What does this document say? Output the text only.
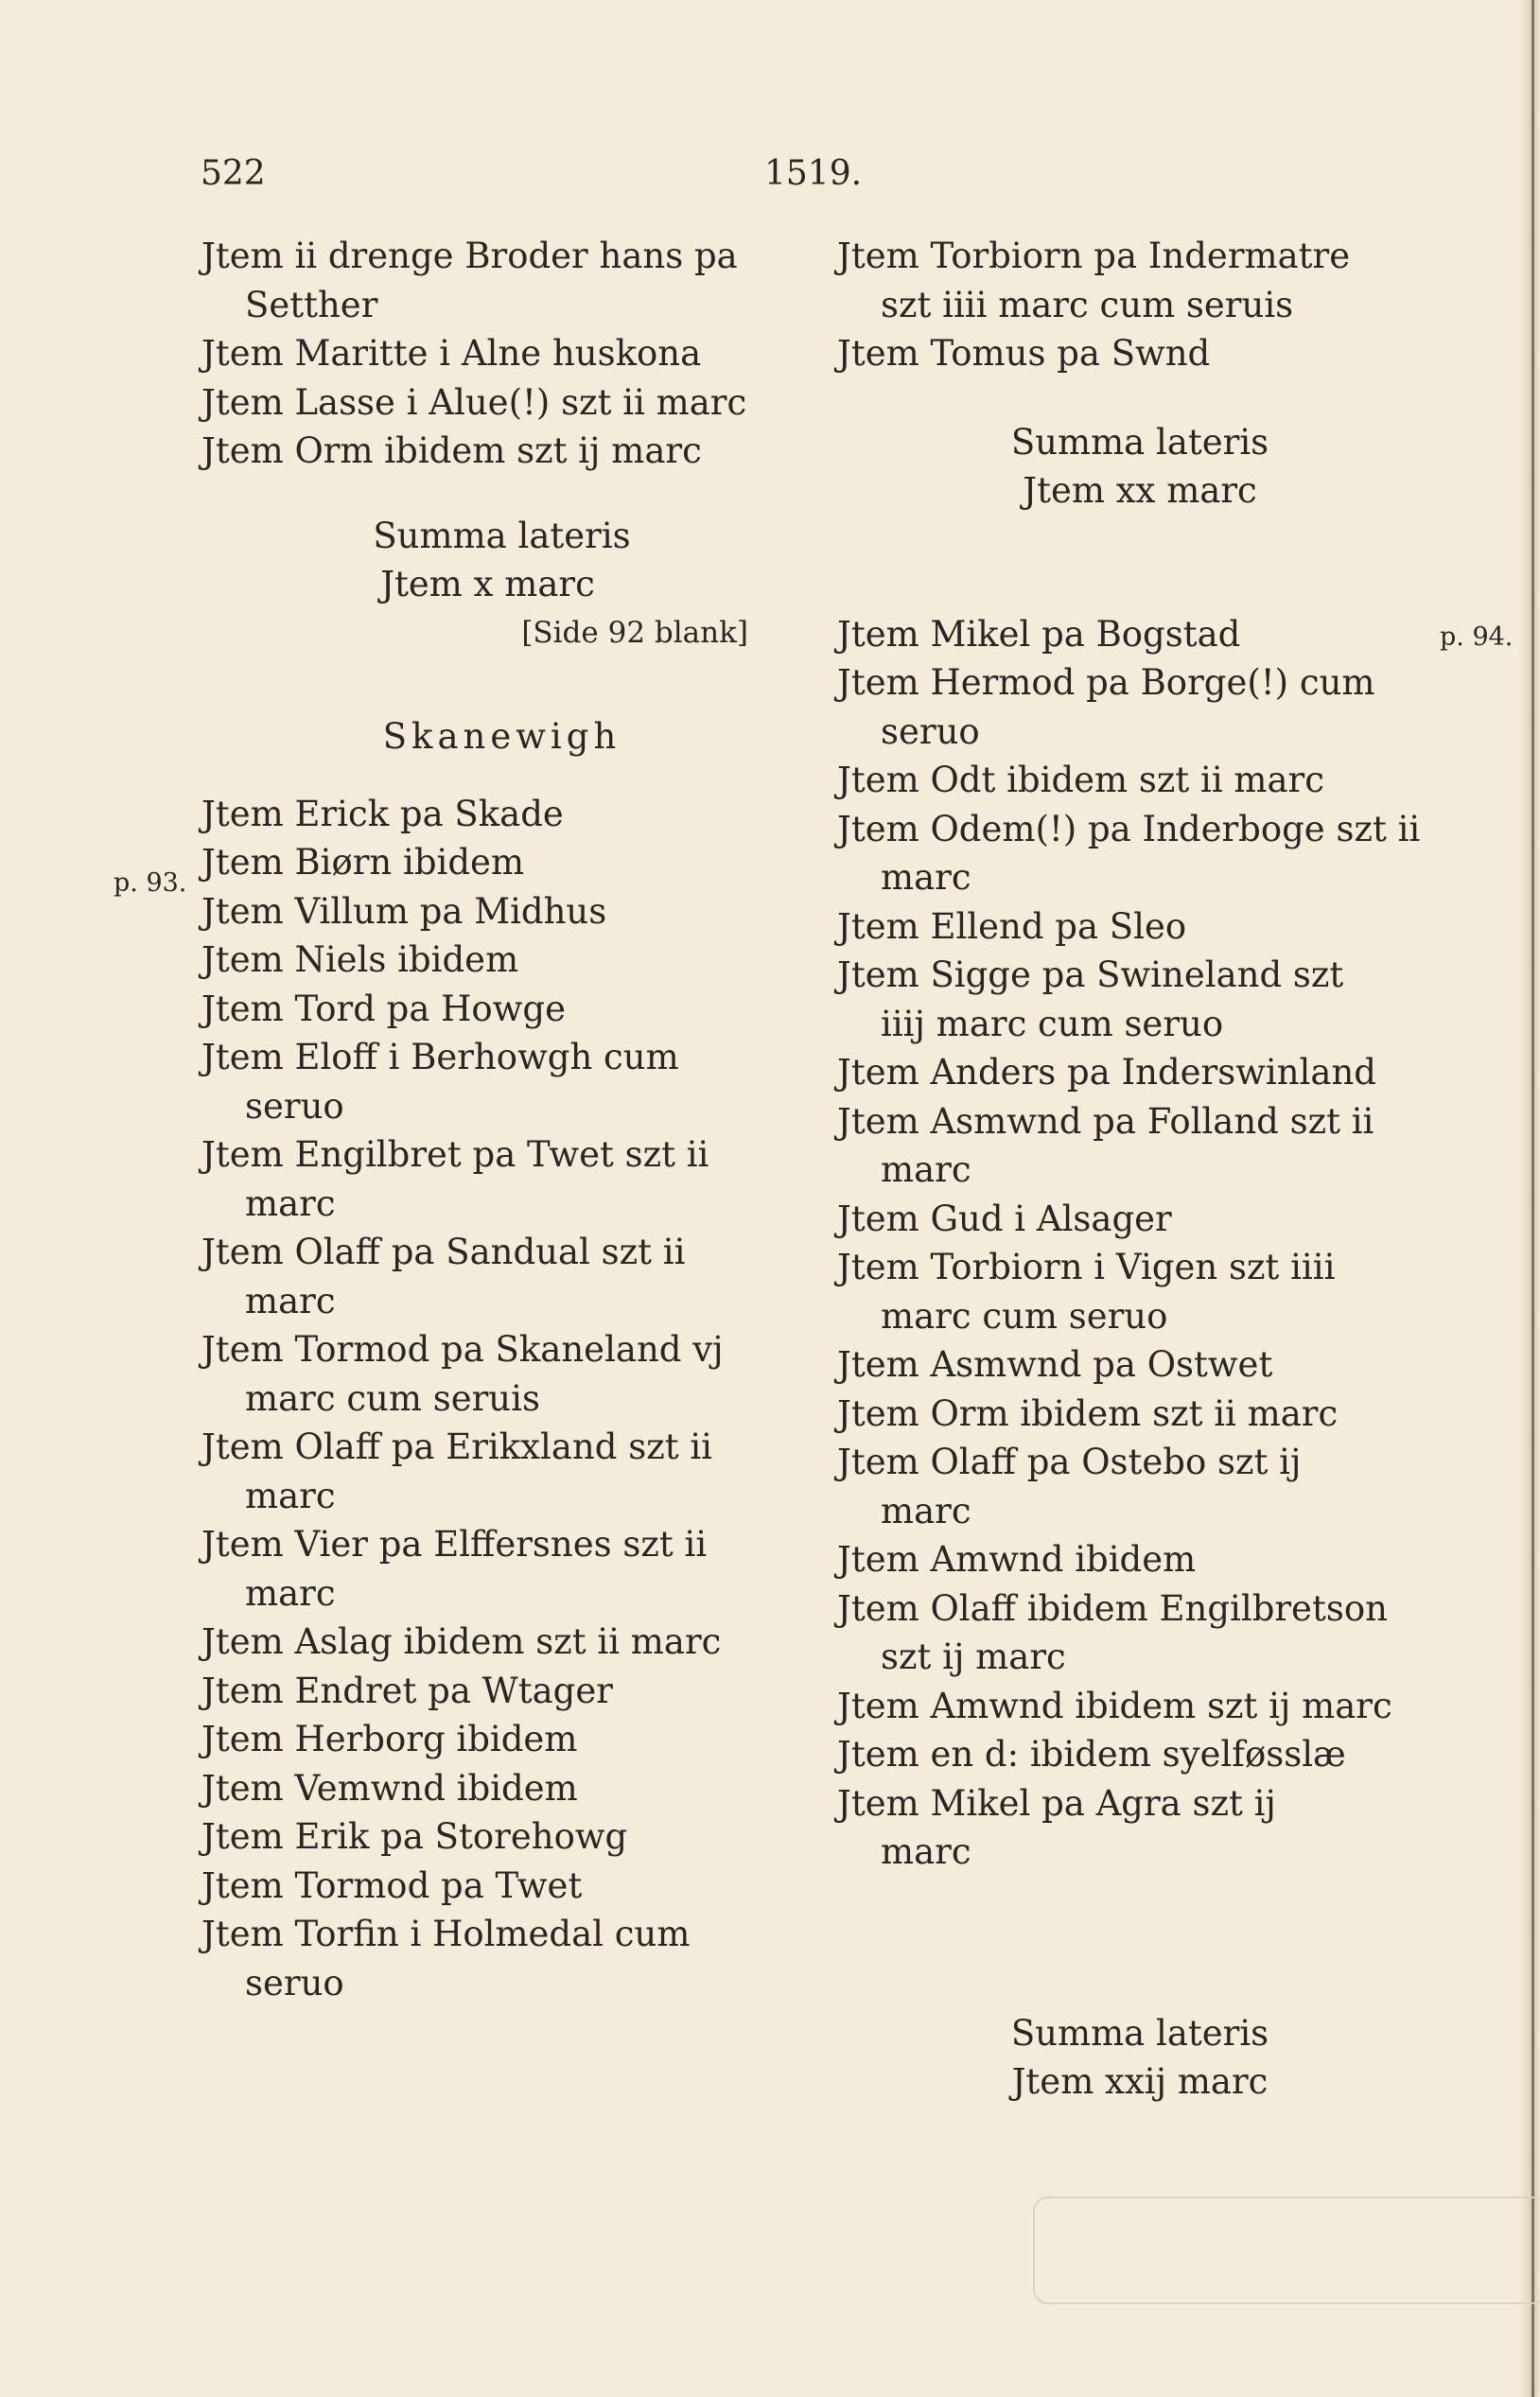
522	1519.
p. 93.
p. 94.
Jtem ii drenge Broder hans pa
Setther
Jtem Maritte i Alne huskona
Jtem Lasse i Alue(!) szt ii marc
Jtem Orm ibidem szt ij marc
Summa lateris
Jtem x marc
[Side 92 blank]
Skanewigh
Jtem Erick pa Skade
Jtem Biørn ibidem
Jtem Villum pa Midhus
Jtem Niels ibidem
Jtem Tord pa Howge
Jtem Eloff i Berhowgh cum
seruo
Jtem Engilbret pa Twet szt ii
marc
Jtem Olaff pa Sandual szt ii
marc
Jtem Tormod pa Skaneland vj
marc cum seruis
Jtem Olaff pa Erikxland szt ii
marc
Jtem Vier pa Elffersnes szt ii
marc
Jtem Aslag ibidem szt ii marc
Jtem Endret pa Wtager
Jtem Herborg ibidem
Jtem Vemwnd ibidem
Jtem Erik pa Storehowg
Jtem Tormod pa Twet
Jtem Torfin i Holmedal cum
seruo
Jtem Torbiorn pa Indermatre
szt iiii marc cum seruis
Jtem Tomus pa Swnd
Summa lateris
Jtem xx marc
Jtem Mikel pa Bogstad
Jtem Hermod pa Borge(!) cum
seruo
Jtem Odt ibidem szt ii marc
Jtem Odem(!) pa Inderboge szt ii
marc
Jtem Ellend pa Sleo
Jtem Sigge pa Swineland szt
iiij marc cum seruo
Jtem Anders pa Inderswinland
Jtem Asmwnd pa Folland szt ii
marc
Jtem Gud i Alsager
Jtem Torbiorn i Vigen szt iiii
marc cum seruo
Jtem Asmwnd pa Ostwet
Jtem Orm ibidem szt ii marc
Jtem Olaff pa Ostebo szt ij
marc
Jtem Amwnd ibidem
Jtem Olaff ibidem Engilbretson
szt ij marc
Jtem Amwnd ibidem szt ij marc
Jtem en d: ibidem syelføsslæ
Jtem Mikel pa Agra szt ij
marc
Summa lateris
Jtem xxij marc
